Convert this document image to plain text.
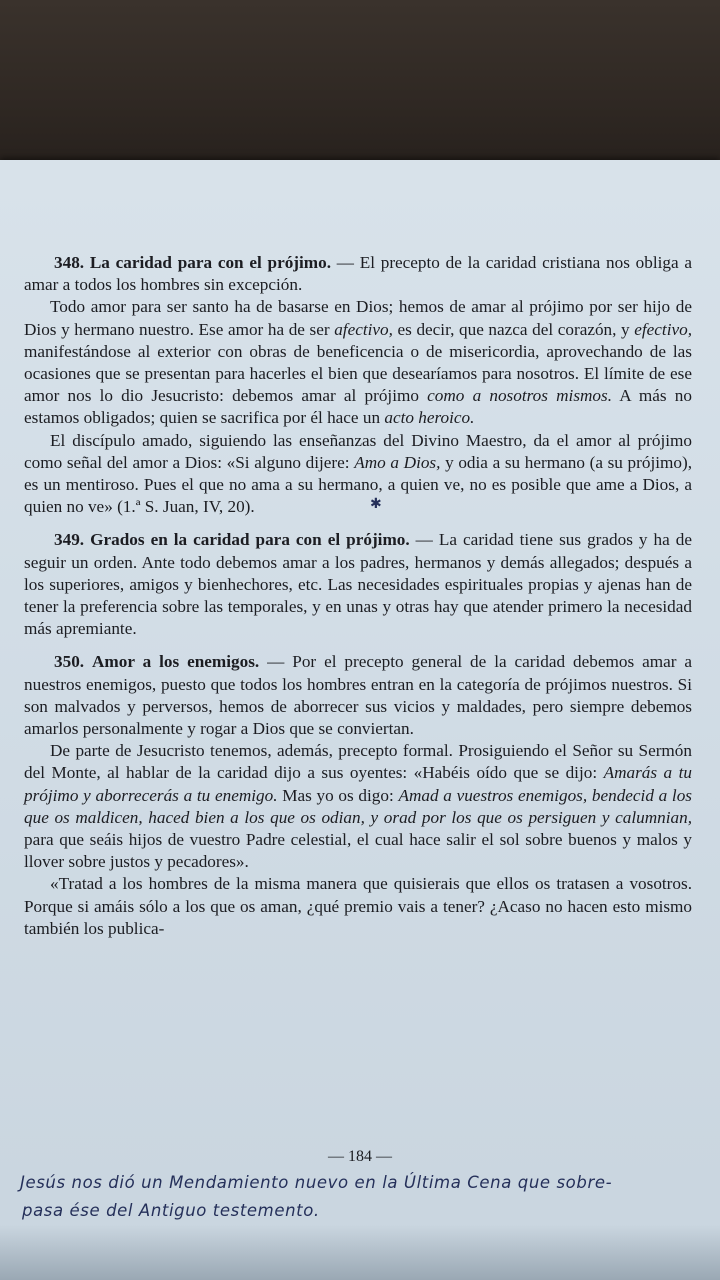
348. La caridad para con el prójimo. — El precepto de la caridad cristiana nos obliga a amar a todos los hombres sin excepción.

Todo amor para ser santo ha de basarse en Dios; hemos de amar al prójimo por ser hijo de Dios y hermano nuestro. Ese amor ha de ser afectivo, es decir, que nazca del corazón, y efectivo, manifestándose al exterior con obras de beneficencia o de misericordia, aprovechando de las ocasiones que se presentan para hacerles el bien que desearíamos para nosotros. El límite de ese amor nos lo dio Jesucristo: debemos amar al prójimo como a nosotros mismos. A más no estamos obligados; quien se sacrifica por él hace un acto heroico.

El discípulo amado, siguiendo las enseñanzas del Divino Maestro, da el amor al prójimo como señal del amor a Dios: «Si alguno dijere: Amo a Dios, y odia a su hermano (a su prójimo), es un mentiroso. Pues el que no ama a su hermano, a quien ve, no es posible que ame a Dios, a quien no ve» (1.ª S. Juan, IV, 20).

349. Grados en la caridad para con el prójimo. — La caridad tiene sus grados y ha de seguir un orden. Ante todo debemos amar a los padres, hermanos y demás allegados; después a los superiores, amigos y bienhechores, etc. Las necesidades espirituales propias y ajenas han de tener la preferencia sobre las temporales, y en unas y otras hay que atender primero la necesidad más apremiante.

350. Amor a los enemigos. — Por el precepto general de la caridad debemos amar a nuestros enemigos, puesto que todos los hombres entran en la categoría de prójimos nuestros. Si son malvados y perversos, hemos de aborrecer sus vicios y maldades, pero siempre debemos amarlos personalmente y rogar a Dios que se conviertan.

De parte de Jesucristo tenemos, además, precepto formal. Prosiguiendo el Señor su Sermón del Monte, al hablar de la caridad dijo a sus oyentes: «Habéis oído que se dijo: Amarás a tu prójimo y aborrecerás a tu enemigo. Mas yo os digo: Amad a vuestros enemigos, bendecid a los que os maldicen, haced bien a los que os odian, y orad por los que os persiguen y calumnian, para que seáis hijos de vuestro Padre celestial, el cual hace salir el sol sobre buenos y malos y llover sobre justos y pecadores».

«Tratad a los hombres de la misma manera que quisierais que ellos os tratasen a vosotros. Porque si amáis sólo a los que os aman, ¿qué premio vais a tener? ¿Acaso no hacen esto mismo también los publica-

✱
— 184 —
Jesús nos dió un Mendamiento nuevo en la Última Cena que sobre-
pasa ése del Antiguo testemento.
